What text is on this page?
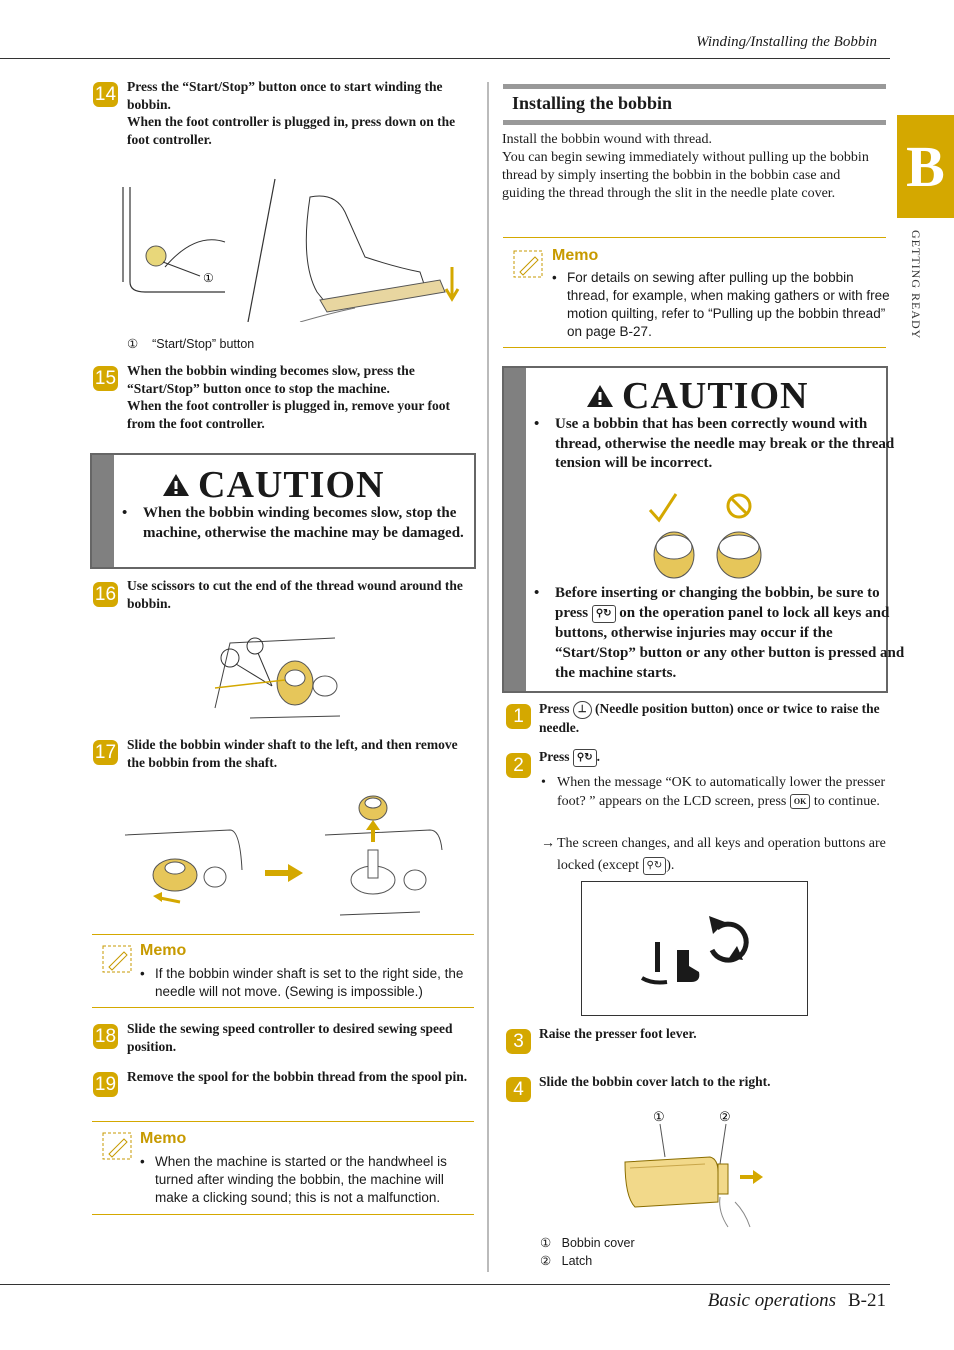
Winding/Installing the Bobbin
B
GETTING READY
14 Press the “Start/Stop” button once to start winding the bobbin.
When the foot controller is plugged in, press down on the foot controller.
①
① “Start/Stop” button
15 When the bobbin winding becomes slow, press the “Start/Stop” button once to stop the machine.
When the foot controller is plugged in, remove your foot from the foot controller.
CAUTION
• When the bobbin winding becomes slow, stop the machine, otherwise the machine may be damaged.
16 Use scissors to cut the end of the thread wound around the bobbin.
17 Slide the bobbin winder shaft to the left, and then remove the bobbin from the shaft.
Memo
• If the bobbin winder shaft is set to the right side, the needle will not move. (Sewing is impossible.)
18 Slide the sewing speed controller to desired sewing speed position.
19 Remove the spool for the bobbin thread from the spool pin.
Memo
• When the machine is started or the handwheel is turned after winding the bobbin, the machine will make a clicking sound; this is not a malfunction.
Installing the bobbin
Install the bobbin wound with thread.
You can begin sewing immediately without pulling up the bobbin thread by simply inserting the bobbin in the bobbin case and guiding the thread through the slit in the needle plate cover.
Memo
• For details on sewing after pulling up the bobbin thread, for example, when making gathers or with free motion quilting, refer to “Pulling up the bobbin thread” on page B-27.
CAUTION
• Use a bobbin that has been correctly wound with thread, otherwise the needle may break or the thread tension will be incorrect.
• Before inserting or changing the bobbin, be sure to press ⚲↻ on the operation panel to lock all keys and buttons, otherwise injuries may occur if the “Start/Stop” button or any other button is pressed and the machine starts.
1	Press ⊥ (Needle position button) once or twice to raise the needle.
2	Press ⚲↻ .
• When the message “OK to automatically lower the presser foot? ” appears on the LCD screen, press OK to continue.
→ The screen changes, and all keys and operation buttons are locked (except ⚲↻ ).
3	Raise the presser foot lever.
4	Slide the bobbin cover latch to the right.
①	②
① Bobbin cover
② Latch
Basic operations B-21
